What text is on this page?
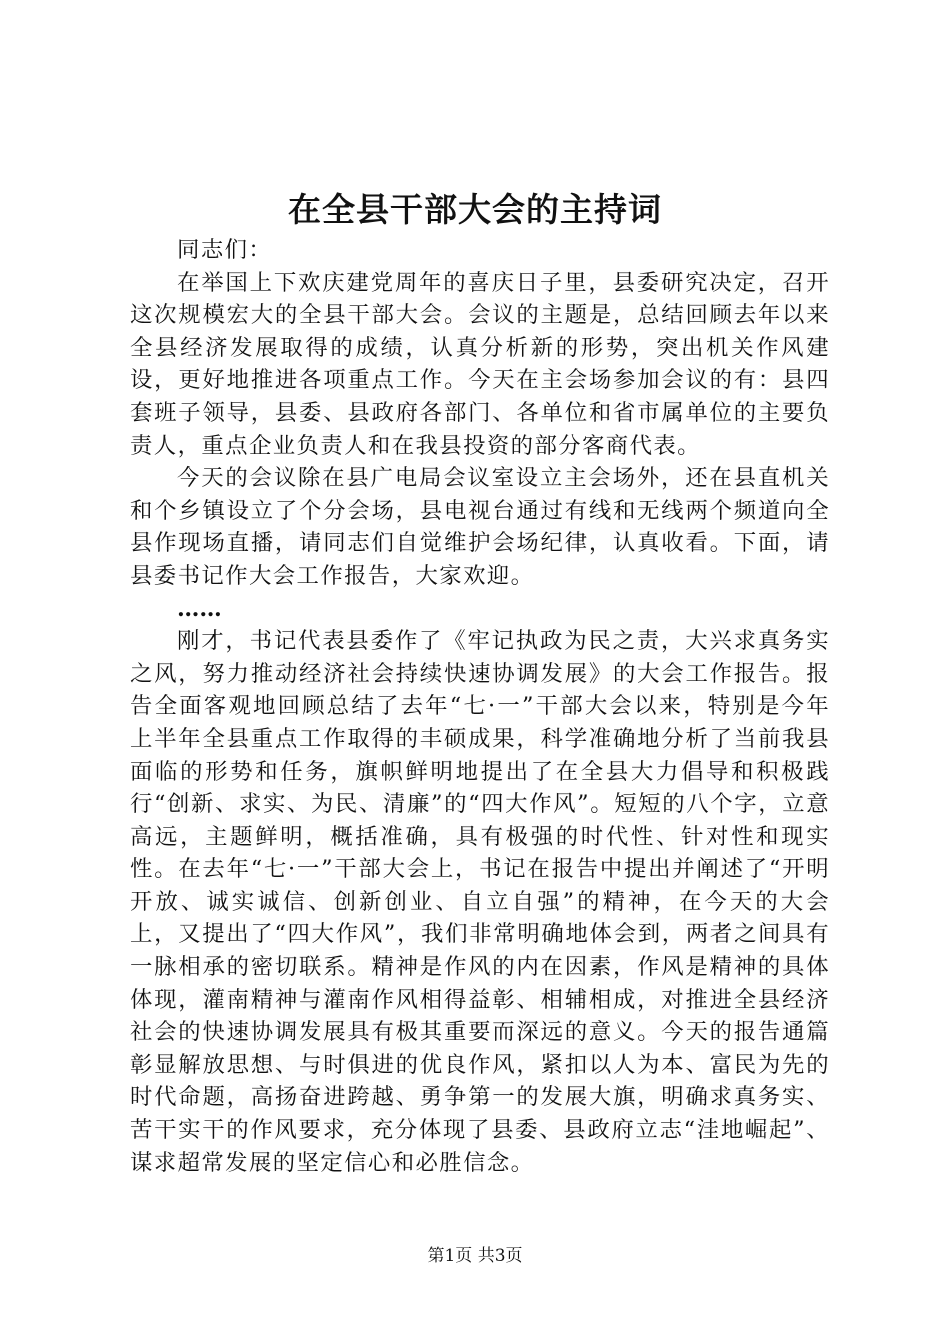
在全县干部大会的主持词

同志们：

在举国上下欢庆建党周年的喜庆日子里，县委研究决定，召开这次规模宏大的全县干部大会。会议的主题是，总结回顾去年以来全县经济发展取得的成绩，认真分析新的形势，突出机关作风建设，更好地推进各项重点工作。今天在主会场参加会议的有：县四套班子领导，县委、县政府各部门、各单位和省市属单位的主要负责人，重点企业负责人和在我县投资的部分客商代表。

今天的会议除在县广电局会议室设立主会场外，还在县直机关和个乡镇设立了个分会场，县电视台通过有线和无线两个频道向全县作现场直播，请同志们自觉维护会场纪律，认真收看。下面，请县委书记作大会工作报告，大家欢迎。

……

刚才，书记代表县委作了《牢记执政为民之责，大兴求真务实之风，努力推动经济社会持续快速协调发展》的大会工作报告。报告全面客观地回顾总结了去年“七·一”干部大会以来，特别是今年上半年全县重点工作取得的丰硕成果，科学准确地分析了当前我县面临的形势和任务，旗帜鲜明地提出了在全县大力倡导和积极践行“创新、求实、为民、清廉”的“四大作风”。短短的八个字，立意高远，主题鲜明，概括准确，具有极强的时代性、针对性和现实性。在去年“七·一”干部大会上，书记在报告中提出并阐述了“开明开放、诚实诚信、创新创业、自立自强”的精神，在今天的大会上，又提出了“四大作风”，我们非常明确地体会到，两者之间具有一脉相承的密切联系。精神是作风的内在因素，作风是精神的具体体现，灌南精神与灌南作风相得益彰、相辅相成，对推进全县经济社会的快速协调发展具有极其重要而深远的意义。今天的报告通篇彰显解放思想、与时俱进的优良作风，紧扣以人为本、富民为先的时代命题，高扬奋进跨越、勇争第一的发展大旗，明确求真务实、苦干实干的作风要求，充分体现了县委、县政府立志“洼地崛起”、谋求超常发展的坚定信心和必胜信念。

第1页 共3页
